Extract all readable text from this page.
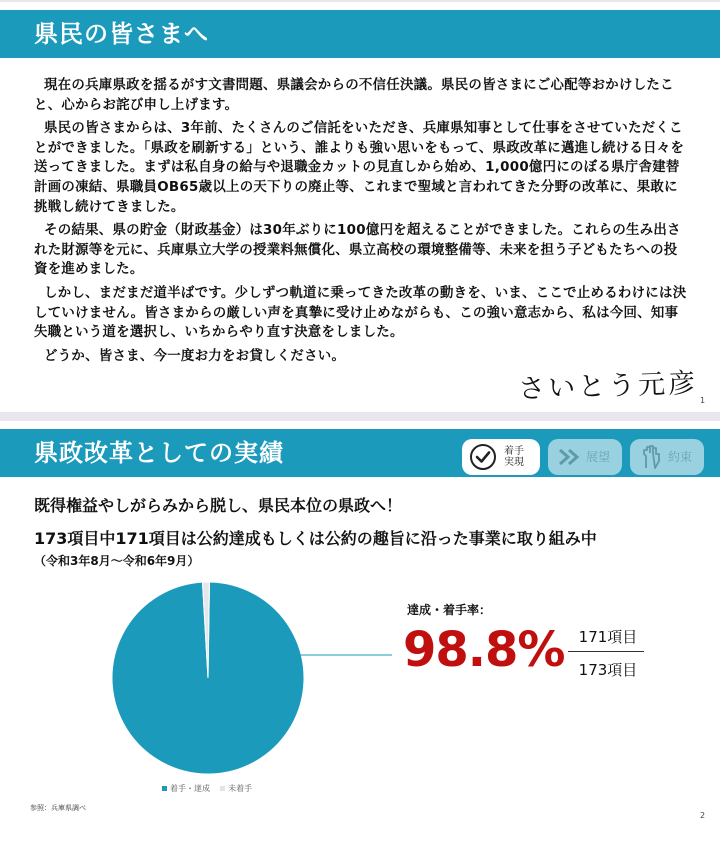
県民の皆さまへ

現在の兵庫県政を揺るがす文書問題、県議会からの不信任決議。県民の皆さまにご心配等おかけしたこと、心からお詫び申し上げます。

県民の皆さまからは、3年前、たくさんのご信託をいただき、兵庫県知事として仕事をさせていただくことができました。「県政を刷新する」という、誰よりも強い思いをもって、県政改革に邁進し続ける日々を送ってきました。まずは私自身の給与や退職金カットの見直しから始め、1,000億円にのぼる県庁舎建替計画の凍結、県職員OB65歳以上の天下りの廃止等、これまで聖域と言われてきた分野の改革に、果敢に挑戦し続けてきました。

その結果、県の貯金（財政基金）は30年ぶりに100億円を超えることができました。これらの生み出された財源等を元に、兵庫県立大学の授業料無償化、県立高校の環境整備等、未来を担う子どもたちへの投資を進めました。

しかし、まだまだ道半ばです。少しずつ軌道に乗ってきた改革の動きを、いま、ここで止めるわけには決していけません。皆さまからの厳しい声を真摯に受け止めながらも、この強い意志から、私は今回、知事失職という道を選択し、いちからやり直す決意をしました。

どうか、皆さま、今一度お力をお貸しください。

さいとう元彦 1
県政改革としての実績	着手
実現	展望	約束
既得権益やしがらみから脱し、県民本位の県政へ！
173項目中171項目は公約達成もしくは公約の趣旨に沿った事業に取り組み中
（令和3年8月～令和6年9月）
達成・着手率：
98.8% 171項目
173項目
着手・達成 未着手
参照：兵庫県調べ
2
